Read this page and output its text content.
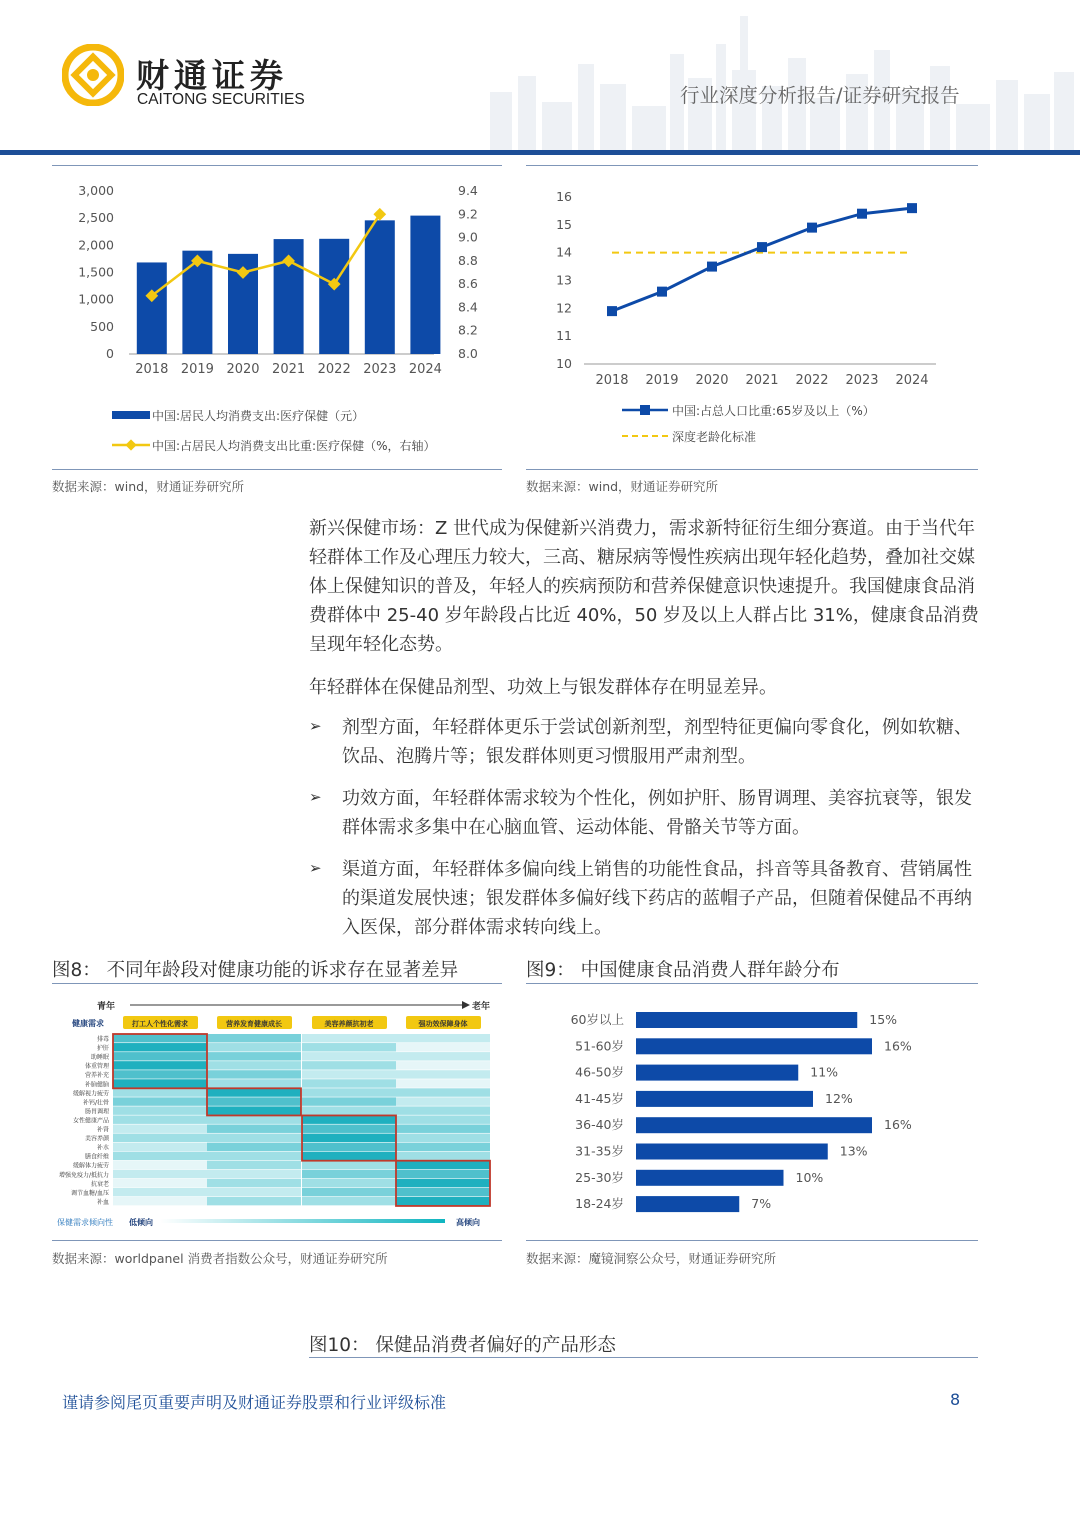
财通证券
CAITONG SECURITIES	行业深度分析报告/证券研究报告
3,000
2,500
2,000
1,500
1,000
500
0
9.4
9.2
9.0
8.8
8.6
8.4
8.2
8.0
2018 2019 2020 2021 2022 2023 2024
中国:居民人均消费支出:医疗保健（元）
中国:占居民人均消费支出比重:医疗保健（%，右轴）
16
15
14
13
12
11
10
2018 2019 2020 2021 2022 2023 2024
中国:占总人口比重:65岁及以上（%）
深度老龄化标准
数据来源：wind，财通证券研究所	数据来源：wind，财通证券研究所
新兴保健市场：Z 世代成为保健新兴消费力，需求新特征衍生细分赛道。由于当代年轻群体工作及心理压力较大，三高、糖尿病等慢性疾病出现年轻化趋势，叠加社交媒体上保健知识的普及，年轻人的疾病预防和营养保健意识快速提升。我国健康食品消费群体中 25-40 岁年龄段占比近 40%，50 岁及以上人群占比 31%，健康食品消费呈现年轻化态势。
年轻群体在保健品剂型、功效上与银发群体存在明显差异。
➢ 剂型方面，年轻群体更乐于尝试创新剂型，剂型特征更偏向零食化，例如软糖、饮品、泡腾片等；银发群体则更习惯服用严肃剂型。
➢ 功效方面，年轻群体需求较为个性化，例如护肝、肠胃调理、美容抗衰等，银发群体需求多集中在心脑血管、运动体能、骨骼关节等方面。
➢ 渠道方面，年轻群体多偏向线上销售的功能性食品，抖音等具备教育、营销属性的渠道发展快速；银发群体多偏好线下药店的蓝帽子产品，但随着保健品不再纳入医保，部分群体需求转向线上。
图8： 不同年龄段对健康功能的诉求存在显著差异
青年	老年
健康需求	打工人个性化需求	营养发育健康成长	美容养颜抗初老	强功效保障身体
排毒
护肝
助睡眠
体重管理
营养补充
补脑健脑
缓解视力疲劳
补钙/壮骨
肠胃调理
女性健康产品
补肾
美容养颜
补水
膳食纤维
缓解体力疲劳
增强免疫力/抵抗力
抗衰老
调节血糖/血压
补血
保健需求倾向性 低倾向	高倾向
图9： 中国健康食品消费人群年龄分布
60岁以上	15%
51-60岁	16%
46-50岁	11%
41-45岁	12%
36-40岁	16%
31-35岁	13%
25-30岁	10%
18-24岁	7%
数据来源：worldpanel 消费者指数公众号，财通证券研究所	数据来源：魔镜洞察公众号，财通证券研究所
图10： 保健品消费者偏好的产品形态
谨请参阅尾页重要声明及财通证券股票和行业评级标准	8
